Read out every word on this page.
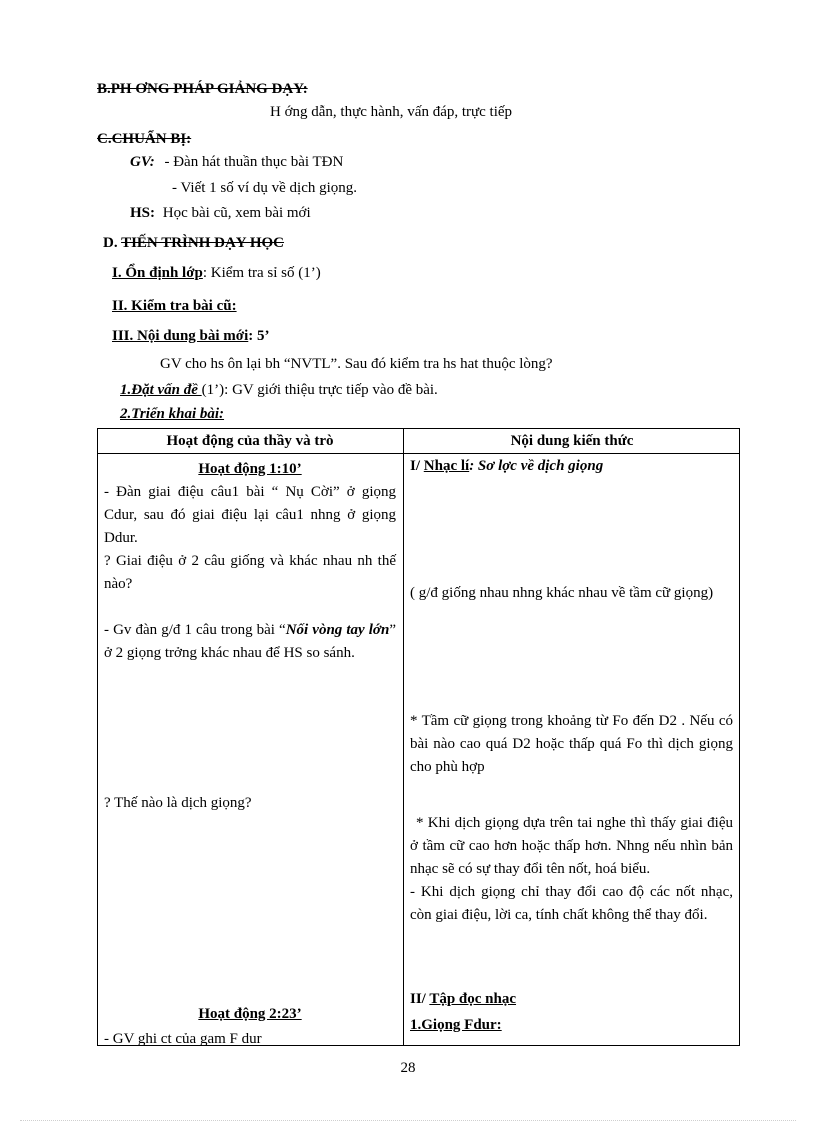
B.PH ƠNG PHÁP GIẢNG DẠY:
H ớng dẫn, thực hành, vấn đáp, trực tiếp
C.CHUẨN BỊ:
GV: - Đàn hát thuần thục bài TĐN
- Viết 1 số ví dụ về dịch giọng.
HS: Học bài cũ, xem bài mới
D. TIẾN TRÌNH DẠY HỌC
I. Ổn định lớp: Kiểm tra sỉ số (1’)
II. Kiểm tra bài cũ:
III. Nội dung bài mới: 5’
GV cho hs ôn lại bh “NVTL”. Sau đó kiểm tra hs hat thuộc lòng?
1.Đặt vấn đề (1’): GV giới thiệu trực tiếp vào đề bài.
2.Triển khai bài:
Hoạt động của thầy và trò	Nội dung kiến thức

Hoạt động 1:10’

- Đàn giai điệu câu1 bài “ Nụ Cời” ở giọng Cdur, sau đó giai điệu lại câu1 nhng ở giọng Ddur.

? Giai điệu ở 2 câu giống và khác nhau nh thế nào?

- Gv đàn g/đ 1 câu trong bài “Nối vòng tay lớn” ở 2 giọng trởng khác nhau để HS so sánh.

? Thế nào là dịch giọng?
Hoạt động 2:23’
- GV ghi ct của gam F dur
I/ Nhạc lí: Sơ lợc về dịch giọng
( g/đ giống nhau nhng khác nhau về tầm cữ giọng)
* Tầm cữ giọng trong khoảng từ Fo đến D2 . Nếu có bài nào cao quá D2 hoặc thấp quá Fo thì dịch giọng cho phù hợp

* Khi dịch giọng dựa trên tai nghe thì thấy giai điệu ở tầm cữ cao hơn hoặc thấp hơn. Nhng nếu nhìn bản nhạc sẽ có sự thay đổi tên nốt, hoá biểu.

- Khi dịch giọng chỉ thay đổi cao độ các nốt nhạc, còn giai điệu, lời ca, tính chất không thể thay đổi.

II/ Tập đọc nhạc
1.Giọng Fdur:
28
